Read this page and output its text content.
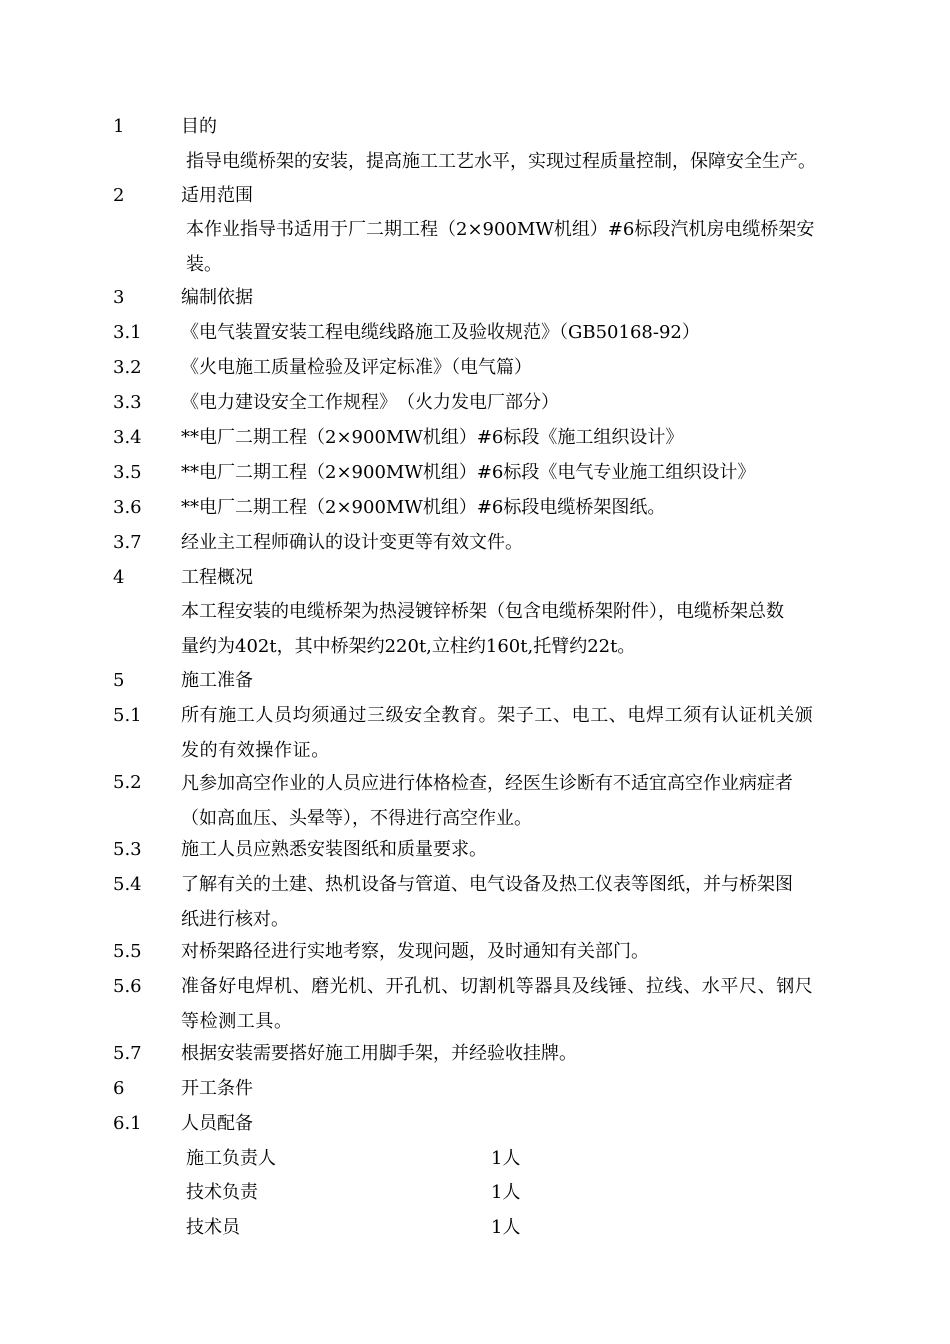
1	目的
指导电缆桥架的安装，提高施工工艺水平，实现过程质量控制，保障安全生产。
2	适用范围
本作业指导书适用于厂二期工程（2×900MW机组）#6标段汽机房电缆桥架安
装。
3	编制依据
3.1 《电气装置安装工程电缆线路施工及验收规范》（GB50168-92）
3.2 《火电施工质量检验及评定标准》（电气篇）
3.3 《电力建设安全工作规程》　（火力发电厂部分）
3.4 **电厂二期工程（2×900MW机组）#6标段《施工组织设计》
3.5 **电厂二期工程（2×900MW机组）#6标段《电气专业施工组织设计》
3.6 **电厂二期工程（2×900MW机组）#6标段电缆桥架图纸。
3.7 经业主工程师确认的设计变更等有效文件。
4	工程概况
本工程安装的电缆桥架为热浸镀锌桥架（包含电缆桥架附件），电缆桥架总数
量约为402t，其中桥架约220t,立柱约160t,托臂约22t。
5	施工准备
5.1 所有施工人员均须通过三级安全教育。架子工、电工、电焊工须有认证机关颁
发的有效操作证。
5.2 凡参加高空作业的人员应进行体格检查，经医生诊断有不适宜高空作业病症者
（如高血压、头晕等），不得进行高空作业。
5.3 施工人员应熟悉安装图纸和质量要求。
5.4 了解有关的土建、热机设备与管道、电气设备及热工仪表等图纸，并与桥架图
纸进行核对。
5.5 对桥架路径进行实地考察，发现问题，及时通知有关部门。
5.6 准备好电焊机、磨光机、开孔机、切割机等器具及线锤、拉线、水平尺、钢尺
等检测工具。
5.7 根据安装需要搭好施工用脚手架，并经验收挂牌。
6	开工条件
6.1 人员配备
施工负责人	1人
技术负责	1人
技术员	1人
